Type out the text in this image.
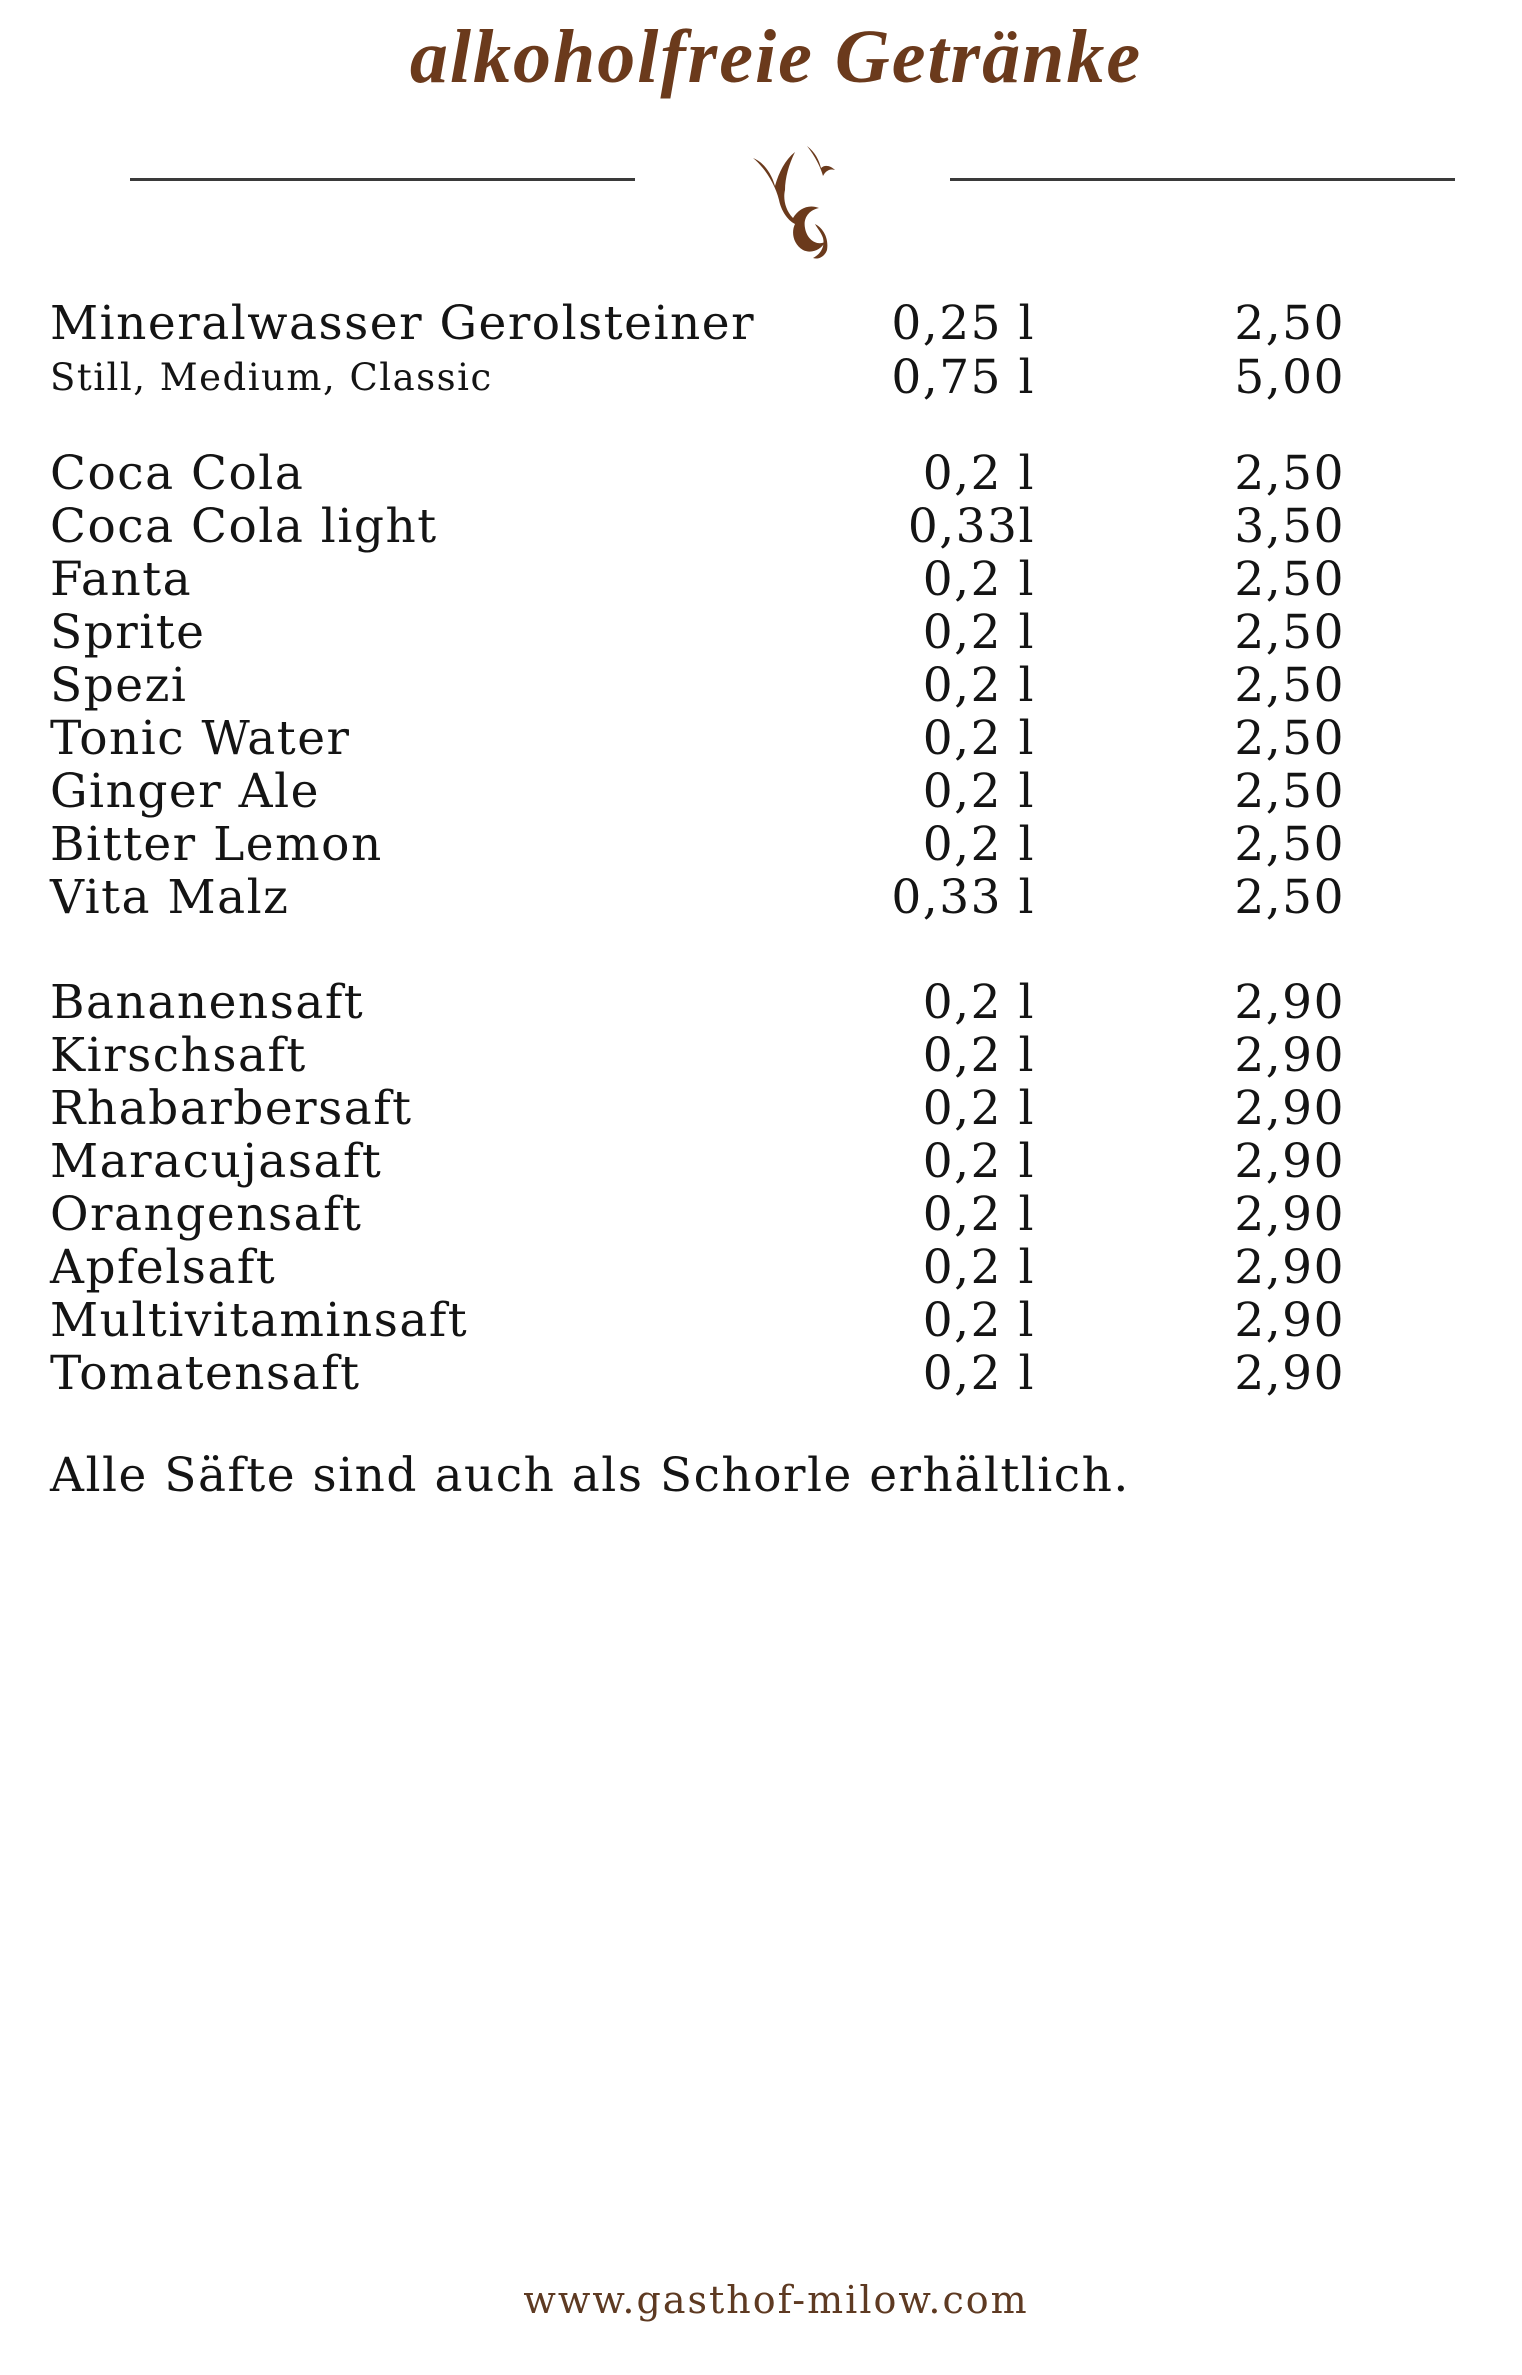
alkoholfreie Getränke
Mineralwasser Gerolsteiner	0,25 l	2,50
Still, Medium, Classic	0,75 l	5,00
Coca Cola	0,2 l	2,50
Coca Cola light	0,33l	3,50
Fanta	0,2 l	2,50
Sprite	0,2 l	2,50
Spezi	0,2 l	2,50
Tonic Water	0,2 l	2,50
Ginger Ale	0,2 l	2,50
Bitter Lemon	0,2 l	2,50
Vita Malz	0,33 l	2,50
Bananensaft	0,2 l	2,90
Kirschsaft	0,2 l	2,90
Rhabarbersaft	0,2 l	2,90
Maracujasaft	0,2 l	2,90
Orangensaft	0,2 l	2,90
Apfelsaft	0,2 l	2,90
Multivitaminsaft	0,2 l	2,90
Tomatensaft	0,2 l	2,90
Alle Säfte sind auch als Schorle erhältlich.
www.gasthof-milow.com
